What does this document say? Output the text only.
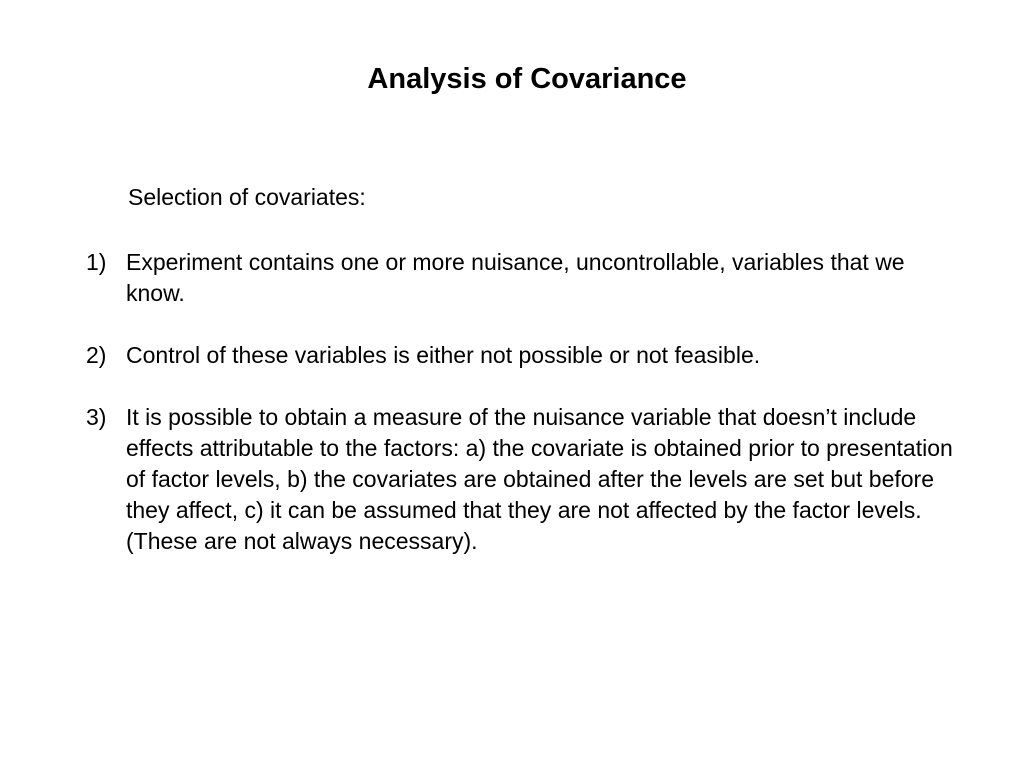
Analysis of Covariance

Selection of covariates:

1) Experiment contains one or more nuisance, uncontrollable, variables that we know.
2) Control of these variables is either not possible or not feasible.
3) It is possible to obtain a measure of the nuisance variable that doesn’t include effects attributable to the factors: a) the covariate is obtained prior to presentation of factor levels, b) the covariates are obtained after the levels are set but before they affect, c) it can be assumed that they are not affected by the factor levels. (These are not always necessary).
